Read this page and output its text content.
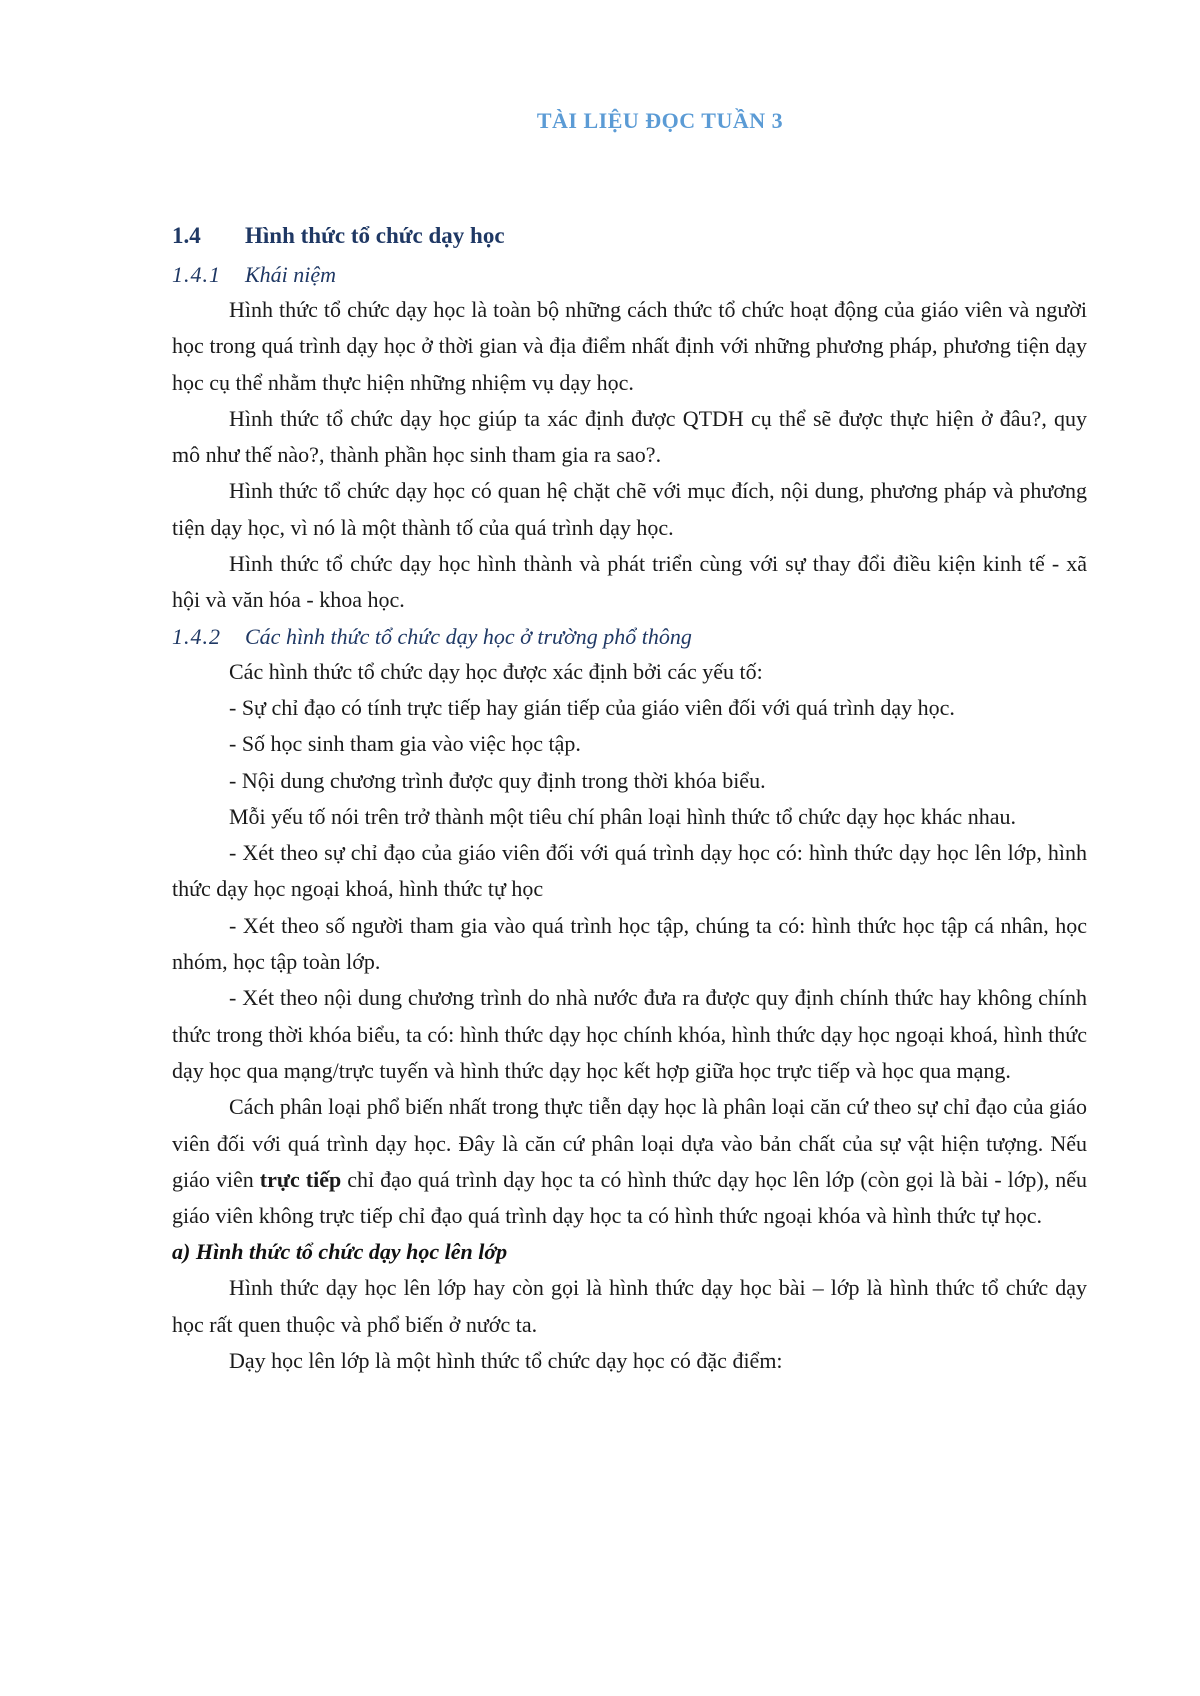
TÀI LIỆU ĐỌC TUẦN 3
1.4	Hình thức tổ chức dạy học
1.4.1	Khái niệm

Hình thức tổ chức dạy học là toàn bộ những cách thức tổ chức hoạt động của giáo viên và người học trong quá trình dạy học ở thời gian và địa điểm nhất định với những phương pháp, phương tiện dạy học cụ thể nhằm thực hiện những nhiệm vụ dạy học.

Hình thức tổ chức dạy học giúp ta xác định được QTDH cụ thể sẽ được thực hiện ở đâu?, quy mô như thế nào?, thành phần học sinh tham gia ra sao?.

Hình thức tổ chức dạy học có quan hệ chặt chẽ với mục đích, nội dung, phương pháp và phương tiện dạy học, vì nó là một thành tố của quá trình dạy học.

Hình thức tổ chức dạy học hình thành và phát triển cùng với sự thay đổi điều kiện kinh tế - xã hội và văn hóa - khoa học.

1.4.2	Các hình thức tổ chức dạy học ở trường phổ thông

Các hình thức tổ chức dạy học được xác định bởi các yếu tố:

- Sự chỉ đạo có tính trực tiếp hay gián tiếp của giáo viên đối với quá trình dạy học.

- Số học sinh tham gia vào việc học tập.

- Nội dung chương trình được quy định trong thời khóa biểu.

Mỗi yếu tố nói trên trở thành một tiêu chí phân loại hình thức tổ chức dạy học khác nhau.

- Xét theo sự chỉ đạo của giáo viên đối với quá trình dạy học có: hình thức dạy học lên lớp, hình thức dạy học ngoại khoá, hình thức tự học

- Xét theo số người tham gia vào quá trình học tập, chúng ta có: hình thức học tập cá nhân, học nhóm, học tập toàn lớp.

- Xét theo nội dung chương trình do nhà nước đưa ra được quy định chính thức hay không chính thức trong thời khóa biểu, ta có: hình thức dạy học chính khóa, hình thức dạy học ngoại khoá, hình thức dạy học qua mạng/trực tuyến và hình thức dạy học kết hợp giữa học trực tiếp và học qua mạng.

Cách phân loại phổ biến nhất trong thực tiễn dạy học là phân loại căn cứ theo sự chỉ đạo của giáo viên đối với quá trình dạy học. Đây là căn cứ phân loại dựa vào bản chất của sự vật hiện tượng. Nếu giáo viên trực tiếp chỉ đạo quá trình dạy học ta có hình thức dạy học lên lớp (còn gọi là bài - lớp), nếu giáo viên không trực tiếp chỉ đạo quá trình dạy học ta có hình thức ngoại khóa và hình thức tự học.

a) Hình thức tổ chức dạy học lên lớp

Hình thức dạy học lên lớp hay còn gọi là hình thức dạy học bài – lớp là hình thức tổ chức dạy học rất quen thuộc và phổ biến ở nước ta.

Dạy học lên lớp là một hình thức tổ chức dạy học có đặc điểm:
